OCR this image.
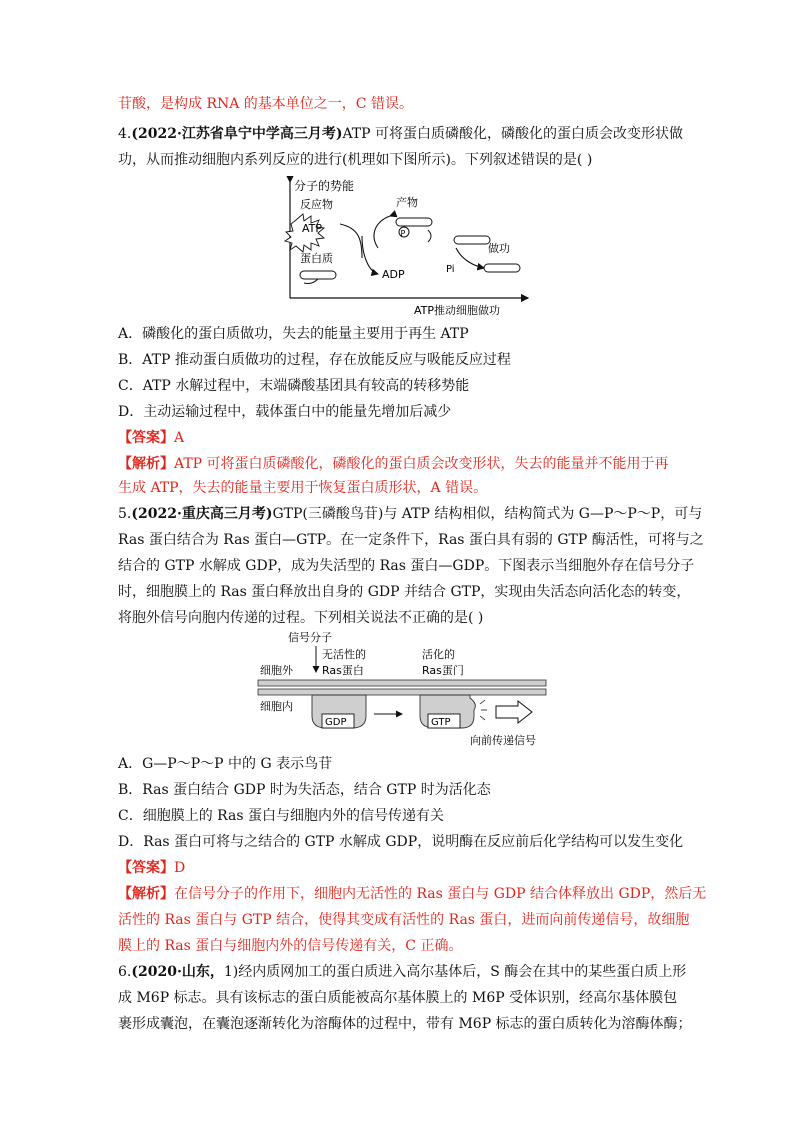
苷酸，是构成 RNA 的基本单位之一，C 错误。
4.(2022·江苏省阜宁中学高三月考)ATP 可将蛋白质磷酸化，磷酸化的蛋白质会改变形状做
功，从而推动细胞内系列反应的进行(机理如下图所示)。下列叙述错误的是( )
分子的势能
反应物
ATP
蛋白质
ADP
产物
P
做功
Pi
ATP推动细胞做功
A．磷酸化的蛋白质做功，失去的能量主要用于再生 ATP
B．ATP 推动蛋白质做功的过程，存在放能反应与吸能反应过程
C．ATP 水解过程中，末端磷酸基团具有较高的转移势能
D．主动运输过程中，载体蛋白中的能量先增加后减少
【答案】A
【解析】ATP 可将蛋白质磷酸化，磷酸化的蛋白质会改变形状，失去的能量并不能用于再
生成 ATP，失去的能量主要用于恢复蛋白质形状，A 错误。
5.(2022·重庆高三月考)GTP(三磷酸鸟苷)与 ATP 结构相似，结构简式为 G—P～P～P，可与
Ras 蛋白结合为 Ras 蛋白—GTP。在一定条件下，Ras 蛋白具有弱的 GTP 酶活性，可将与之
结合的 GTP 水解成 GDP，成为失活型的 Ras 蛋白—GDP。下图表示当细胞外存在信号分子
时，细胞膜上的 Ras 蛋白释放出自身的 GDP 并结合 GTP，实现由失活态向活化态的转变，
将胞外信号向胞内传递的过程。下列相关说法不正确的是( )
信号分子
无活性的
Ras蛋白
活化的
Ras蛋门
细胞外
细胞内
GDP	GTP
向前传递信号
A．G—P～P～P 中的 G 表示鸟苷
B．Ras 蛋白结合 GDP 时为失活态，结合 GTP 时为活化态
C．细胞膜上的 Ras 蛋白与细胞内外的信号传递有关
D．Ras 蛋白可将与之结合的 GTP 水解成 GDP，说明酶在反应前后化学结构可以发生变化
【答案】D
【解析】在信号分子的作用下，细胞内无活性的 Ras 蛋白与 GDP 结合体释放出 GDP，然后无
活性的 Ras 蛋白与 GTP 结合，使得其变成有活性的 Ras 蛋白，进而向前传递信号，故细胞
膜上的 Ras 蛋白与细胞内外的信号传递有关，C 正确。
6.(2020·山东，1)经内质网加工的蛋白质进入高尔基体后，S 酶会在其中的某些蛋白质上形
成 M6P 标志。具有该标志的蛋白质能被高尔基体膜上的 M6P 受体识别，经高尔基体膜包
裹形成囊泡，在囊泡逐渐转化为溶酶体的过程中，带有 M6P 标志的蛋白质转化为溶酶体酶；
